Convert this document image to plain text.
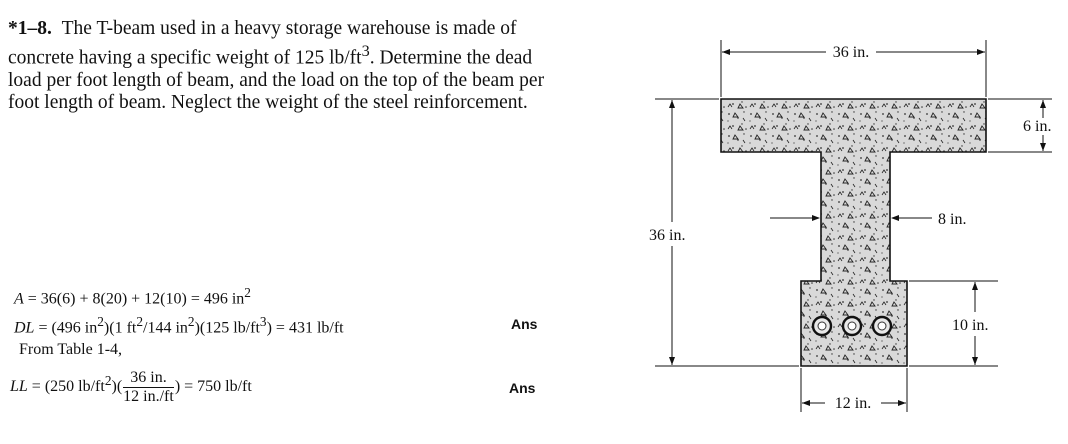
*1–8. The T-beam used in a heavy storage warehouse is made of concrete having a specific weight of 125 $lb/ft^3$. Determine the dead load per foot length of beam, and the load on the top of the beam per foot length of beam. Neglect the weight of the steel reinforcement.
A = 36(6) + 8(20) + 12(10) = 496 $in^2$
DL = (496 $in^2)(1$ $ft^2/144$ $in^2)(125$ $lb/ft^3) = 431$ lb/ft	Ans
From Table 1-4,
LL = (250 $lb/ft^2)( \frac{36 in.}{12 in./ft}$ ) = 750 lb/ft	Ans
36 in.
6 in.
8 in.
36 in.
10 in.
12 in.
